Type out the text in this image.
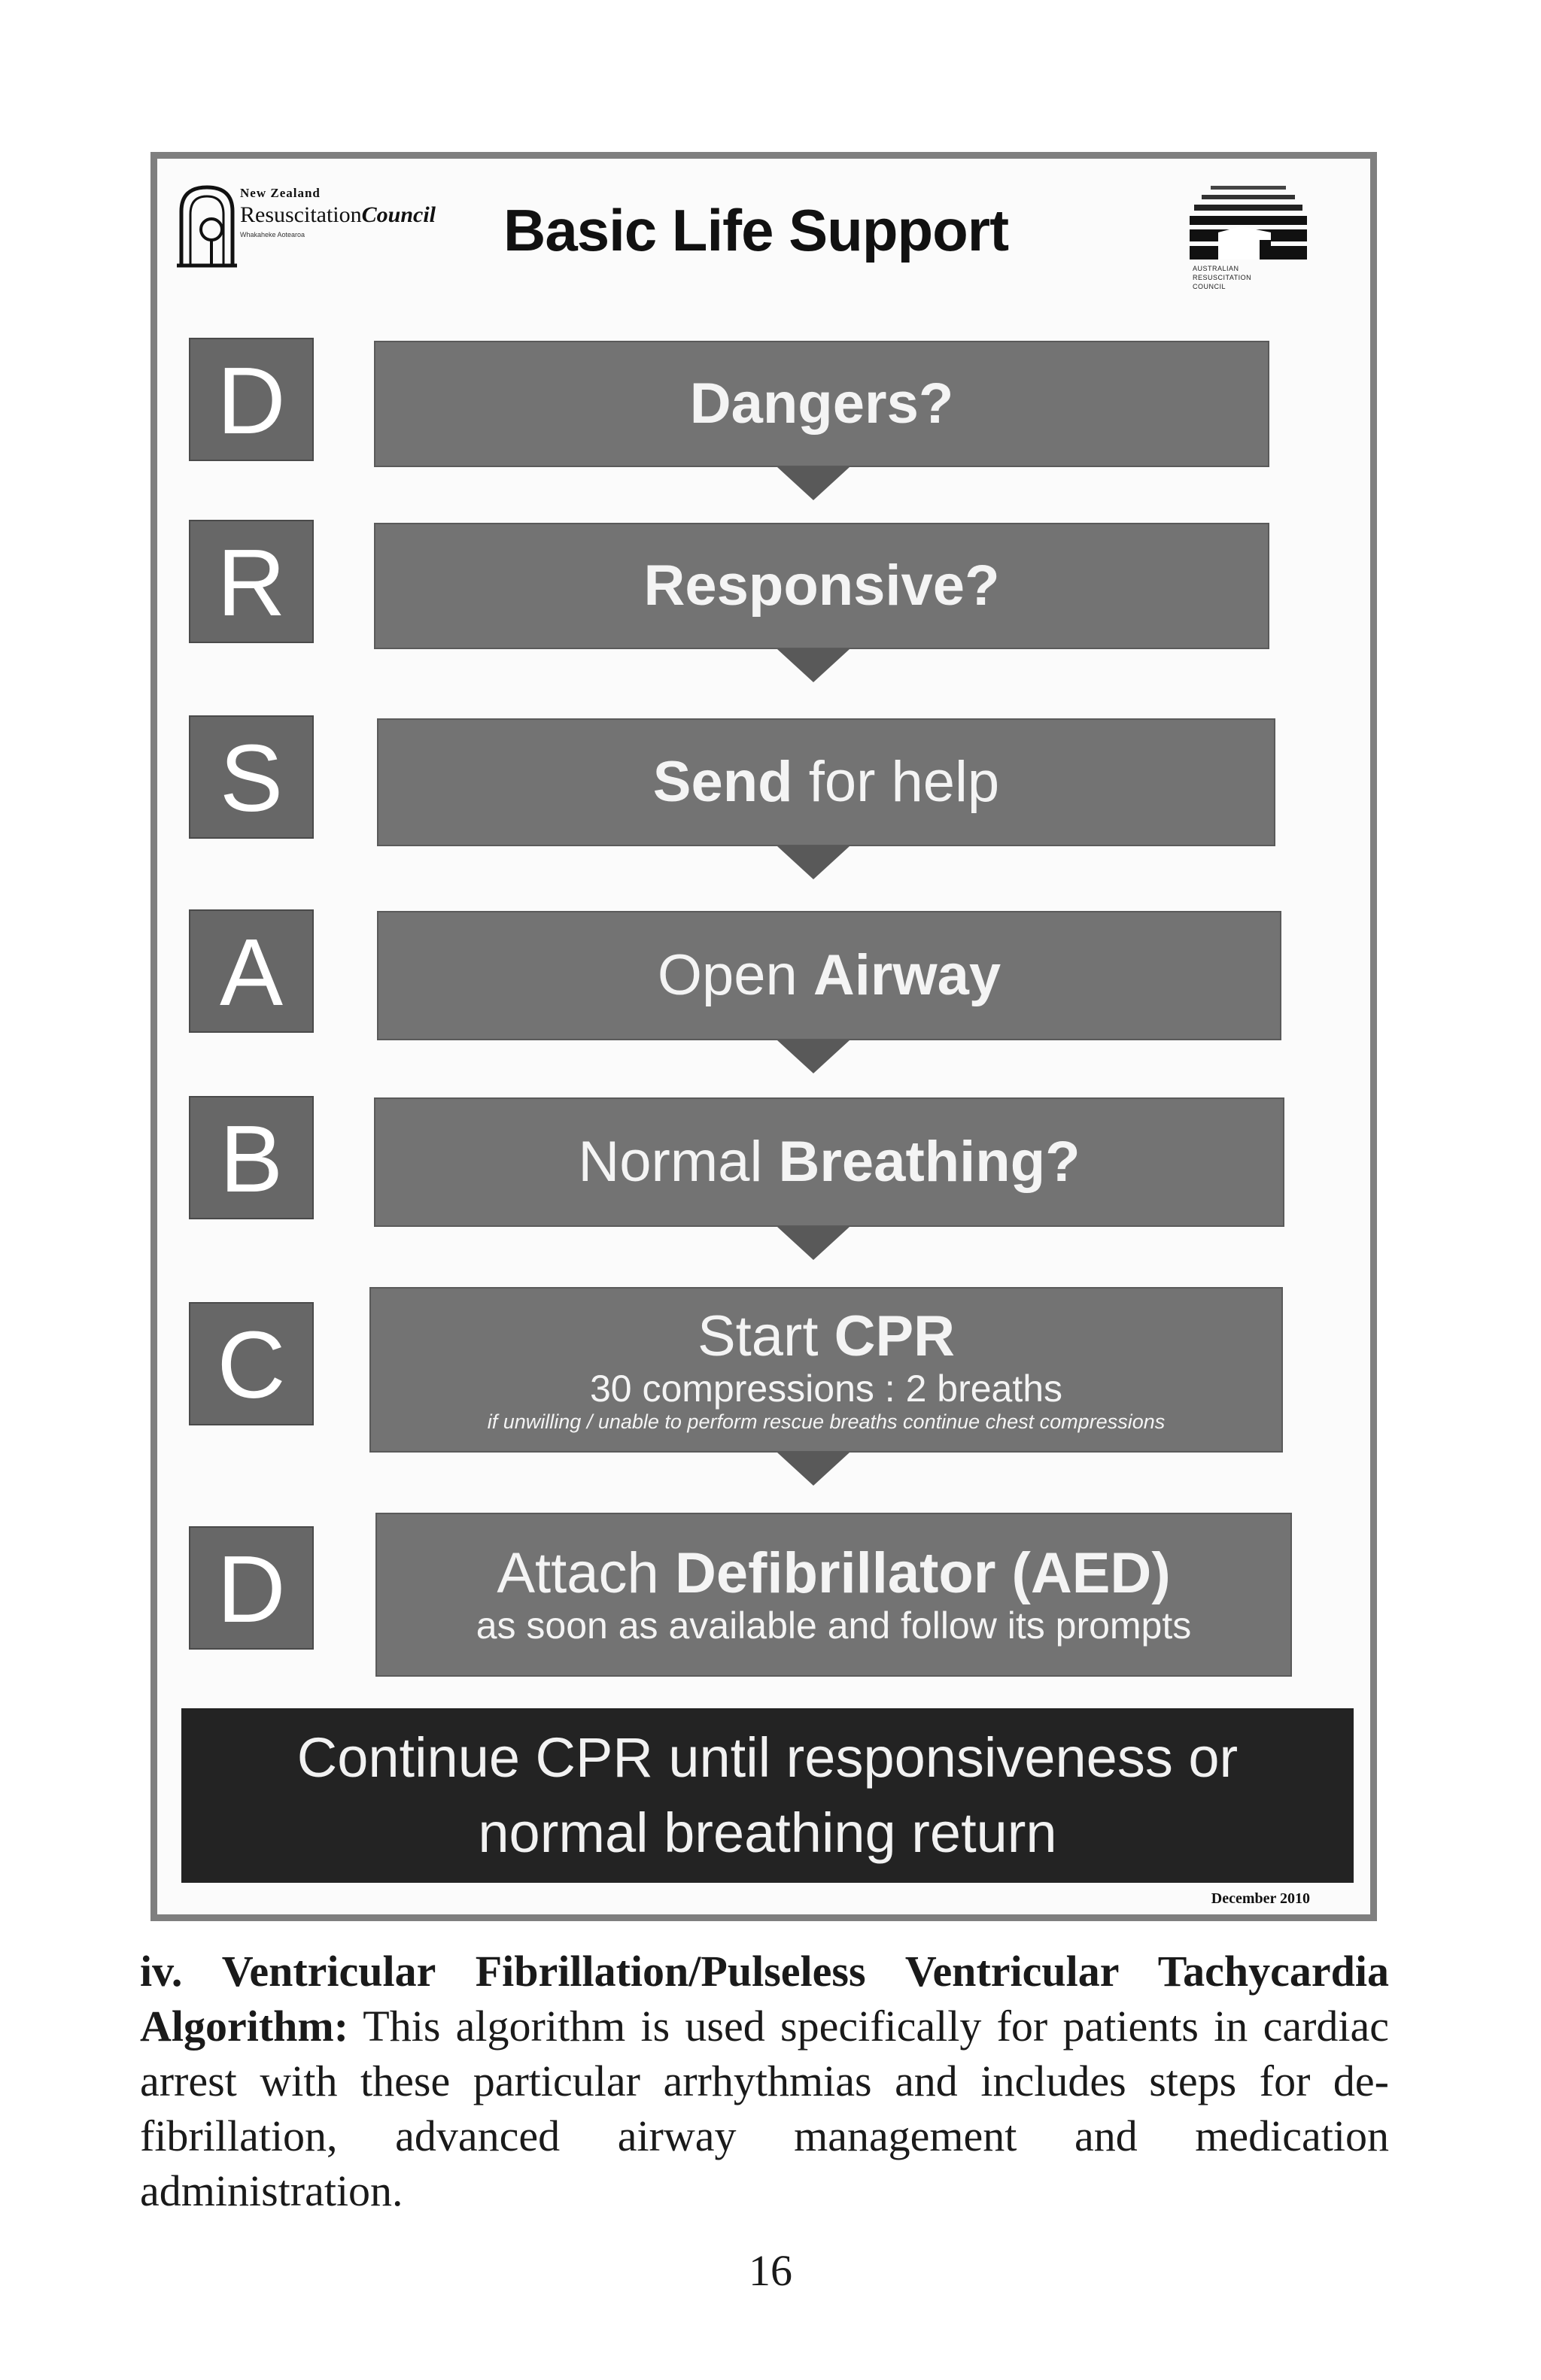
New Zealand
ResuscitationCouncil
Whakaheke Aotearoa	Basic Life Support
AUSTRALIAN
RESUSCITATION
COUNCIL
D	Dangers?
R	Responsive?
S	Send for help
A	Open Airway
B	Normal Breathing?
C	Start CPR
30 compressions : 2 breaths
if unwilling / unable to perform rescue breaths continue chest compressions
D	Attach Defibrillator (AED)
as soon as available and follow its prompts
Continue CPR until responsiveness or
normal breathing return
December 2010
iv. Ventricular Fibrillation/Pulseless Ventricular Tachycardia Algorithm: This algorithm is used specifically for patients in cardiac arrest with these particular arrhythmias and includes steps for de-fibrillation, advanced airway management and medication administration.
16
